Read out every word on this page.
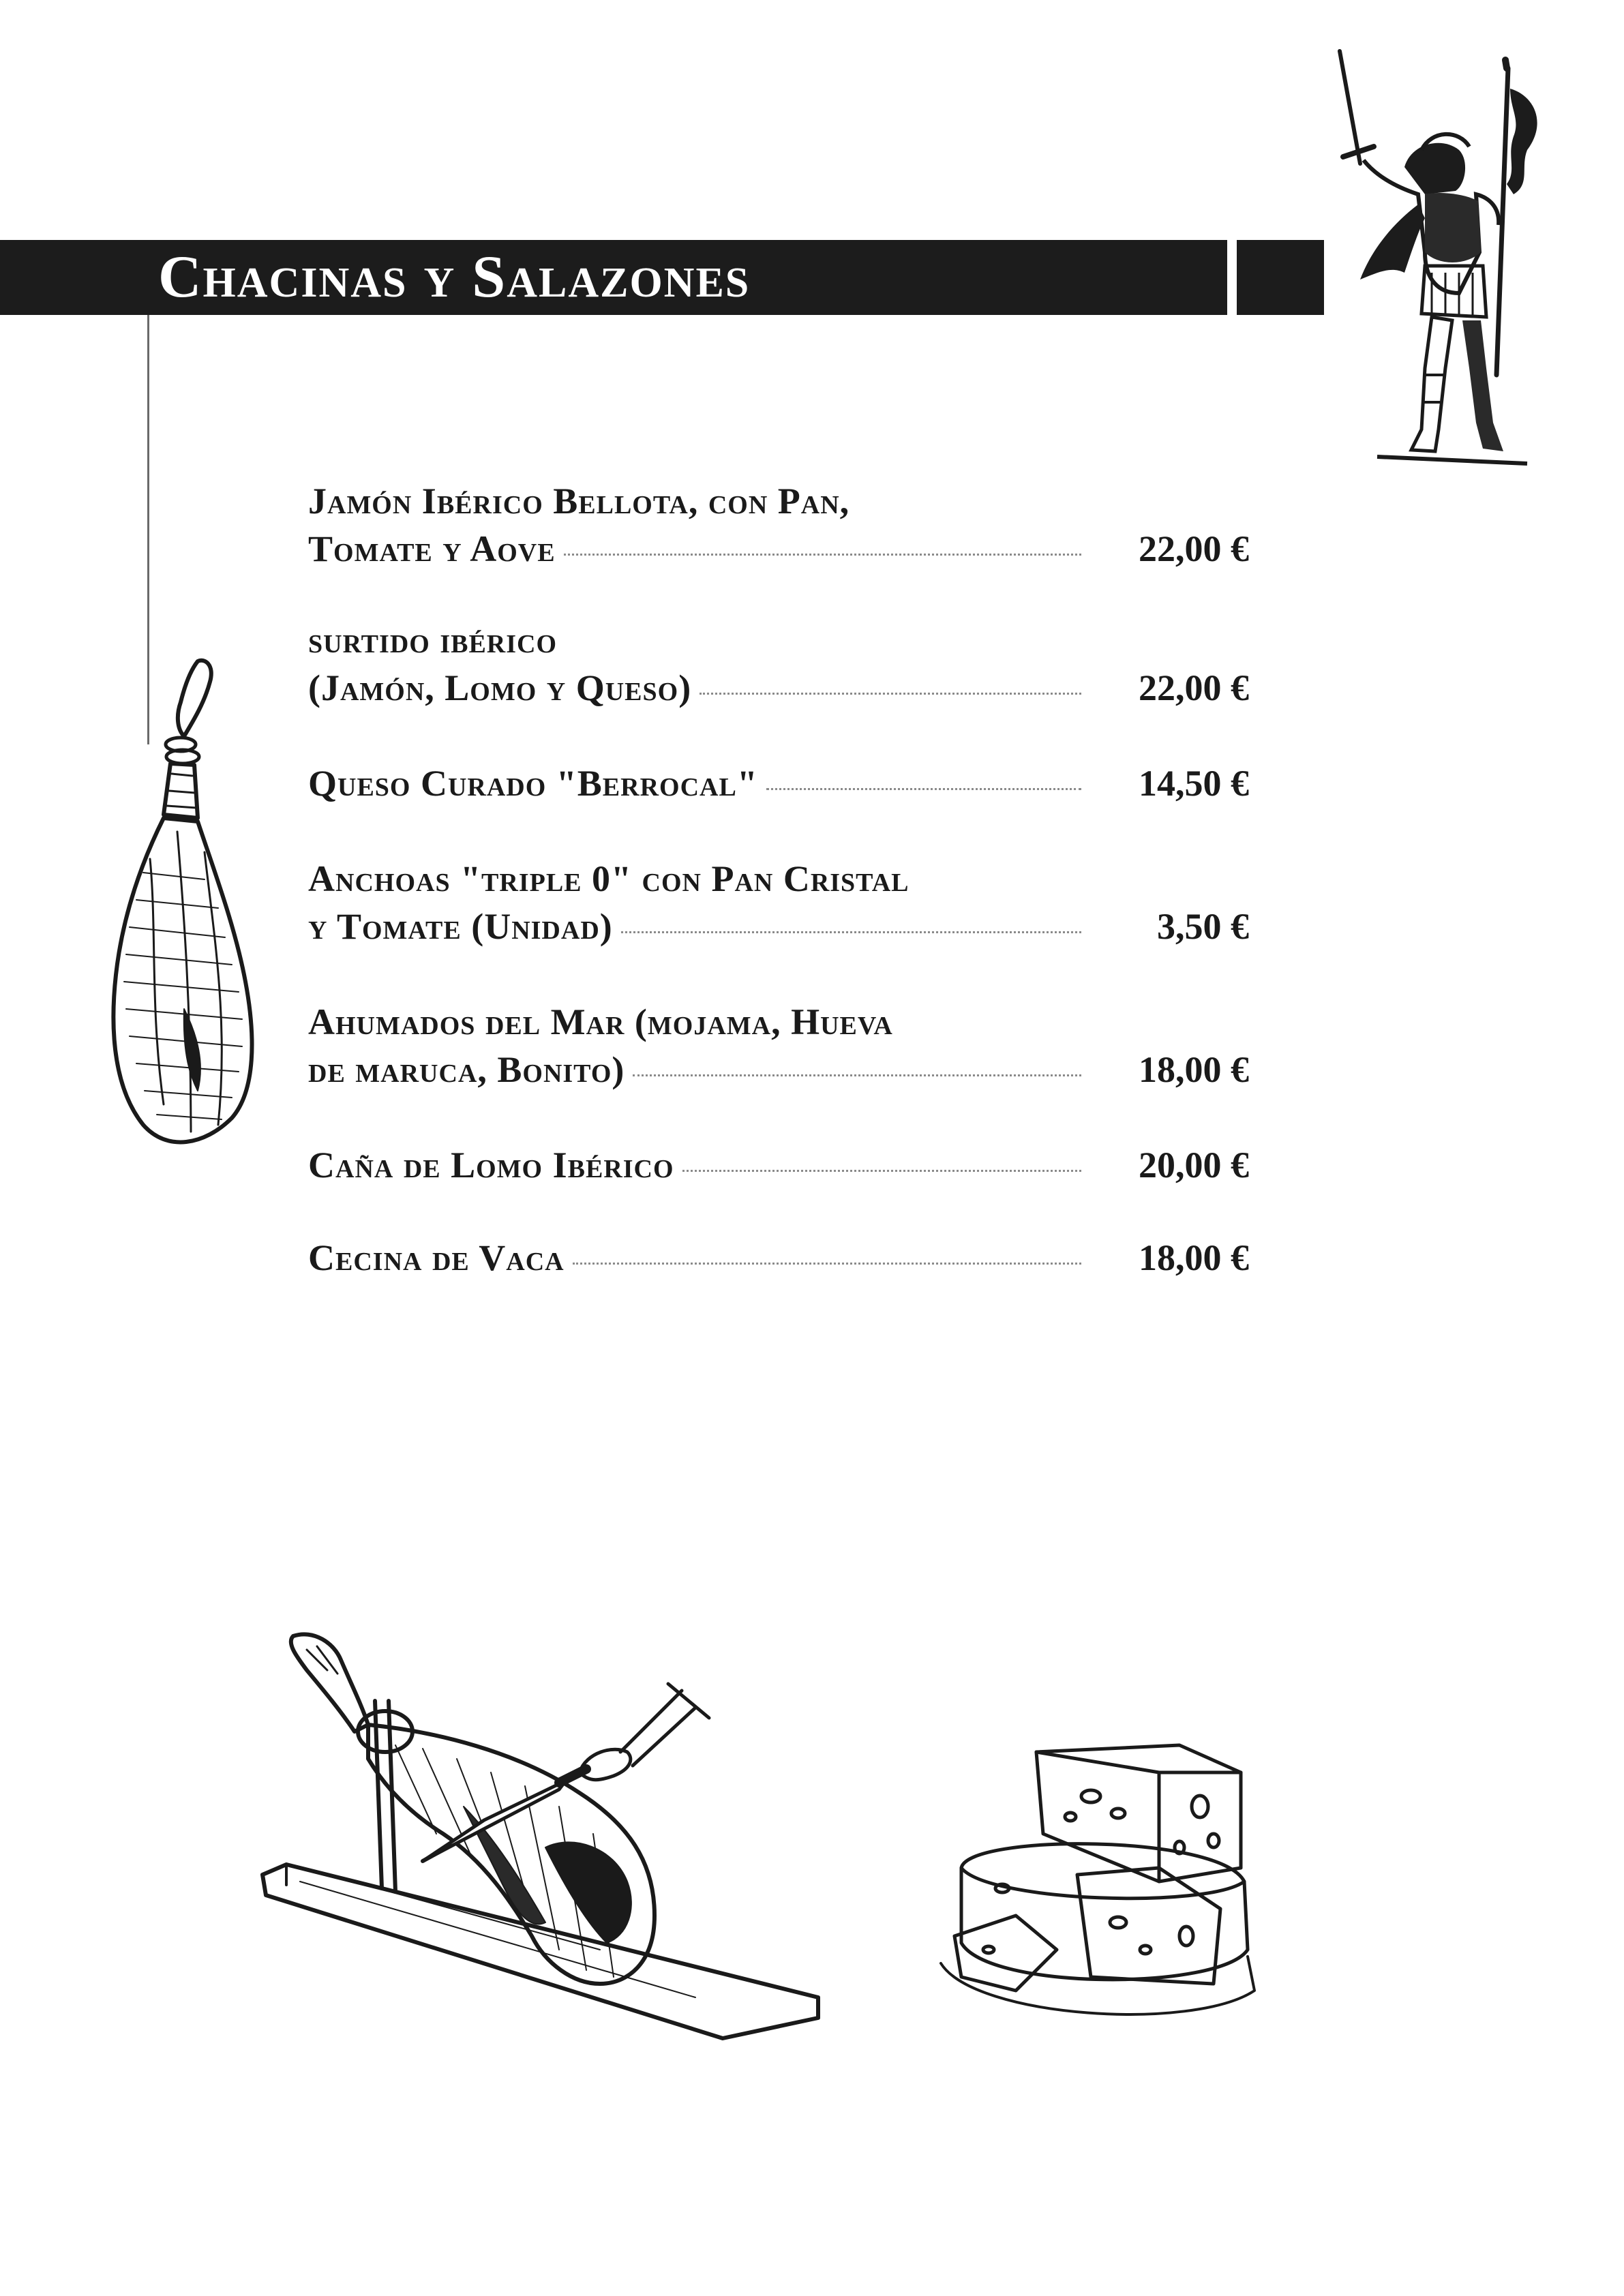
Chacinas y Salazones
Jamón Ibérico Bellota, con Pan,
Tomate y Aove	22,00 €
surtido ibérico
(Jamón, Lomo y Queso)	22,00 €
Queso Curado "Berrocal"	14,50 €
Anchoas "triple 0" con Pan Cristal
y Tomate (Unidad)	3,50 €
Ahumados del Mar (mojama, Hueva
de maruca, Bonito)	18,00 €
Caña de Lomo Ibérico	20,00 €
Cecina de Vaca	18,00 €
